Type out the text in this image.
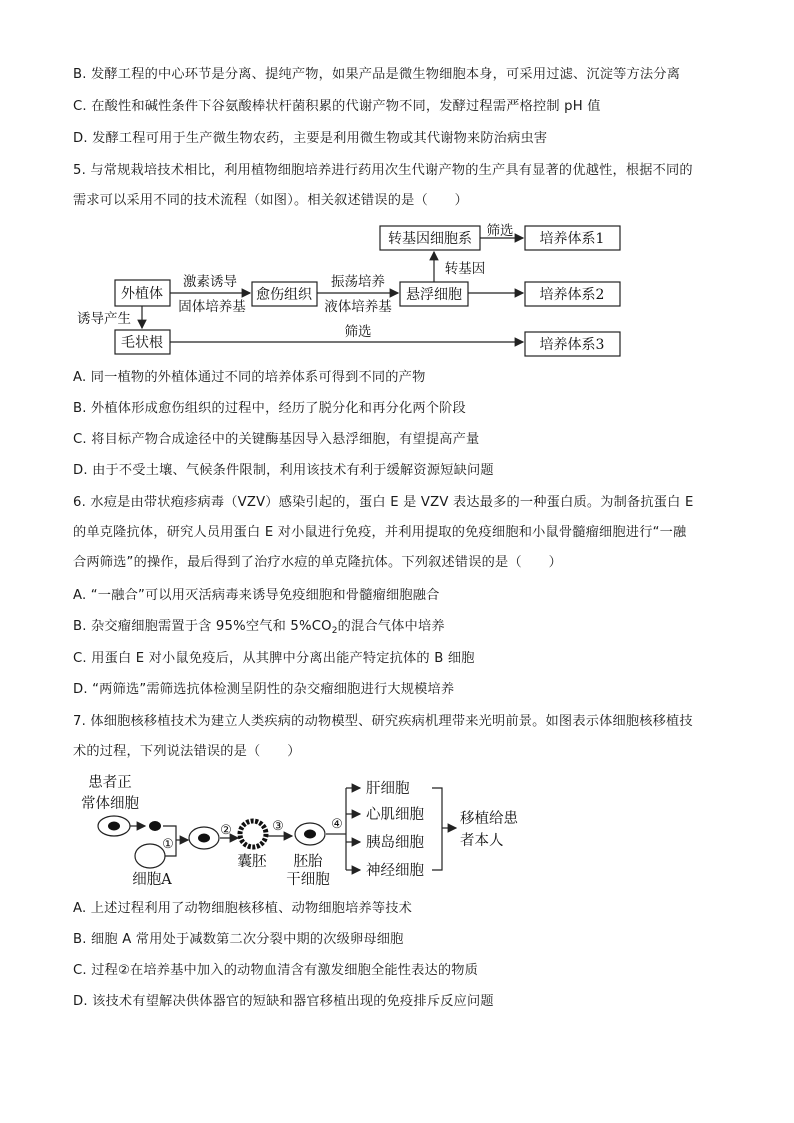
B. 发酵工程的中心环节是分离、提纯产物，如果产品是微生物细胞本身，可采用过滤、沉淀等方法分离
C. 在酸性和碱性条件下谷氨酸棒状杆菌积累的代谢产物不同，发酵过程需严格控制 pH 值
D. 发酵工程可用于生产微生物农药，主要是利用微生物或其代谢物来防治病虫害
5. 与常规栽培技术相比，利用植物细胞培养进行药用次生代谢产物的生产具有显著的优越性，根据不同的
需求可以采用不同的技术流程（如图）。相关叙述错误的是（　　）
转基因细胞系	培养体系1
外植体	愈伤组织	悬浮细胞	培养体系2
毛状根	培养体系3
激素诱导
固体培养基
振荡培养
液体培养基
转基因
筛选
诱导产生
筛选
A. 同一植物的外植体通过不同的培养体系可得到不同的产物
B. 外植体形成愈伤组织的过程中，经历了脱分化和再分化两个阶段
C. 将目标产物合成途径中的关键酶基因导入悬浮细胞，有望提高产量
D. 由于不受土壤、气候条件限制，利用该技术有利于缓解资源短缺问题
6. 水痘是由带状疱疹病毒（VZV）感染引起的，蛋白 E 是 VZV 表达最多的一种蛋白质。为制备抗蛋白 E
的单克隆抗体，研究人员用蛋白 E 对小鼠进行免疫，并利用提取的免疫细胞和小鼠骨髓瘤细胞进行“一融
合两筛选”的操作，最后得到了治疗水痘的单克隆抗体。下列叙述错误的是（　　）
A. “一融合”可以用灭活病毒来诱导免疫细胞和骨髓瘤细胞融合
B. 杂交瘤细胞需置于含 95%空气和 $5\%CO_2$的混合气体中培养
C. 用蛋白 E 对小鼠免疫后，从其脾中分离出能产特定抗体的 B 细胞
D. “两筛选”需筛选抗体检测呈阴性的杂交瘤细胞进行大规模培养
7. 体细胞核移植技术为建立人类疾病的动物模型、研究疾病机理带来光明前景。如图表示体细胞核移植技
术的过程，下列说法错误的是（　　）
患者正
常体细胞
细胞A
①
②
囊胚
③
胚胎
干细胞
④
肝细胞
心肌细胞
胰岛细胞
神经细胞
移植给患
者本人
A. 上述过程利用了动物细胞核移植、动物细胞培养等技术
B. 细胞 A 常用处于减数第二次分裂中期的次级卵母细胞
C. 过程②在培养基中加入的动物血清含有激发细胞全能性表达的物质
D. 该技术有望解决供体器官的短缺和器官移植出现的免疫排斥反应问题
